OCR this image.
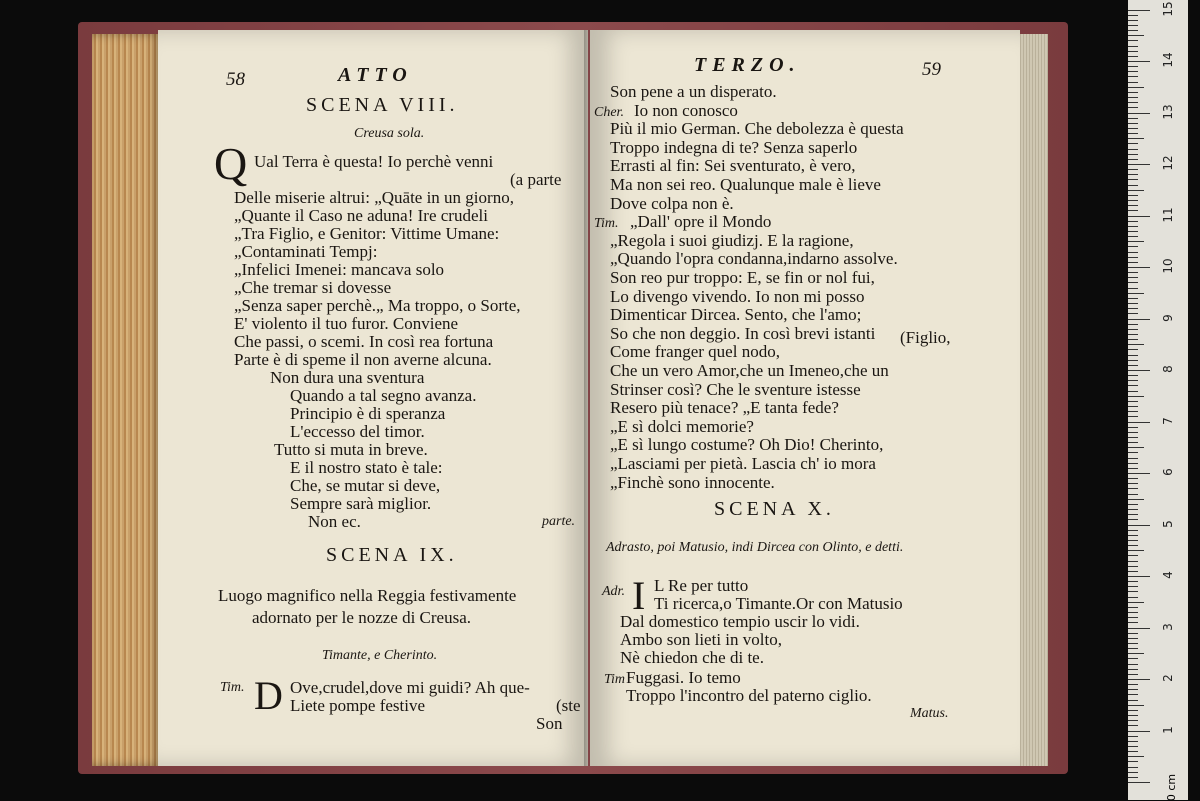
58	ATTO
SCENA VIII.
Creusa sola.
Q Ual Terra è questa! Io perchè venni
(a parte
Delle miserie altrui: „Quāte in un giorno,
„Quante il Caso ne aduna! Ire crudeli
„Tra Figlio, e Genitor: Vittime Umane:
„Contaminati Tempj:
„Infelici Imenei: mancava solo
„Che tremar si dovesse
„Senza saper perchè.„ Ma troppo, o Sorte,
E' violento il tuo furor. Conviene
Che passi, o scemi. In così rea fortuna
Parte è di speme il non averne alcuna.
Non dura una sventura
Quando a tal segno avanza.
Principio è di speranza
L'eccesso del timor.
Tutto si muta in breve.
E il nostro stato è tale:
Che, se mutar si deve,
Sempre sarà miglior.
Non ec.	parte.
SCENA IX.
Luogo magnifico nella Reggia festivamente
adornato per le nozze di Creusa.
Timante, e Cherinto.
Tim. D Ove,crudel,dove mi guidi? Ah que-
Liete pompe festive	(ste
Son
TERZO.	59
Son pene a un disperato.
Cher. Io non conosco
Più il mio German. Che debolezza è questa
Troppo indegna di te? Senza saperlo
Errasti al fin: Sei sventurato, è vero,
Ma non sei reo. Qualunque male è lieve
Dove colpa non è.
Tim. „Dall' opre il Mondo
„Regola i suoi giudizj. E la ragione,
„Quando l'opra condanna,indarno assolve.
Son reo pur troppo: E, se fin or nol fui,
Lo divengo vivendo. Io non mi posso
Dimenticar Dircea. Sento, che l'amo;
So che non deggio. In così brevi istanti
Come franger quel nodo,
Che un vero Amor,che un Imeneo,che un
Strinser così? Che le sventure istesse
Resero più tenace? „E tanta fede?
„E sì dolci memorie?
„E sì lungo costume? Oh Dio! Cherinto,
„Lasciami per pietà. Lascia ch' io mora
„Finchè sono innocente.
(Figlio,
SCENA X.
Adrasto, poi Matusio, indi Dircea con Olinto, e detti.
Adr. I L Re per tutto
Ti ricerca,o Timante.Or con Matusio
Dal domestico tempio uscir lo vidi.
Ambo son lieti in volto,
Nè chiedon che di te.
Tim Fuggasi. Io temo
Troppo l'incontro del paterno ciglio.
Matus.
15
14
13
12
11
10
9
8
7
6
5
4
3
2
1
0 cm
